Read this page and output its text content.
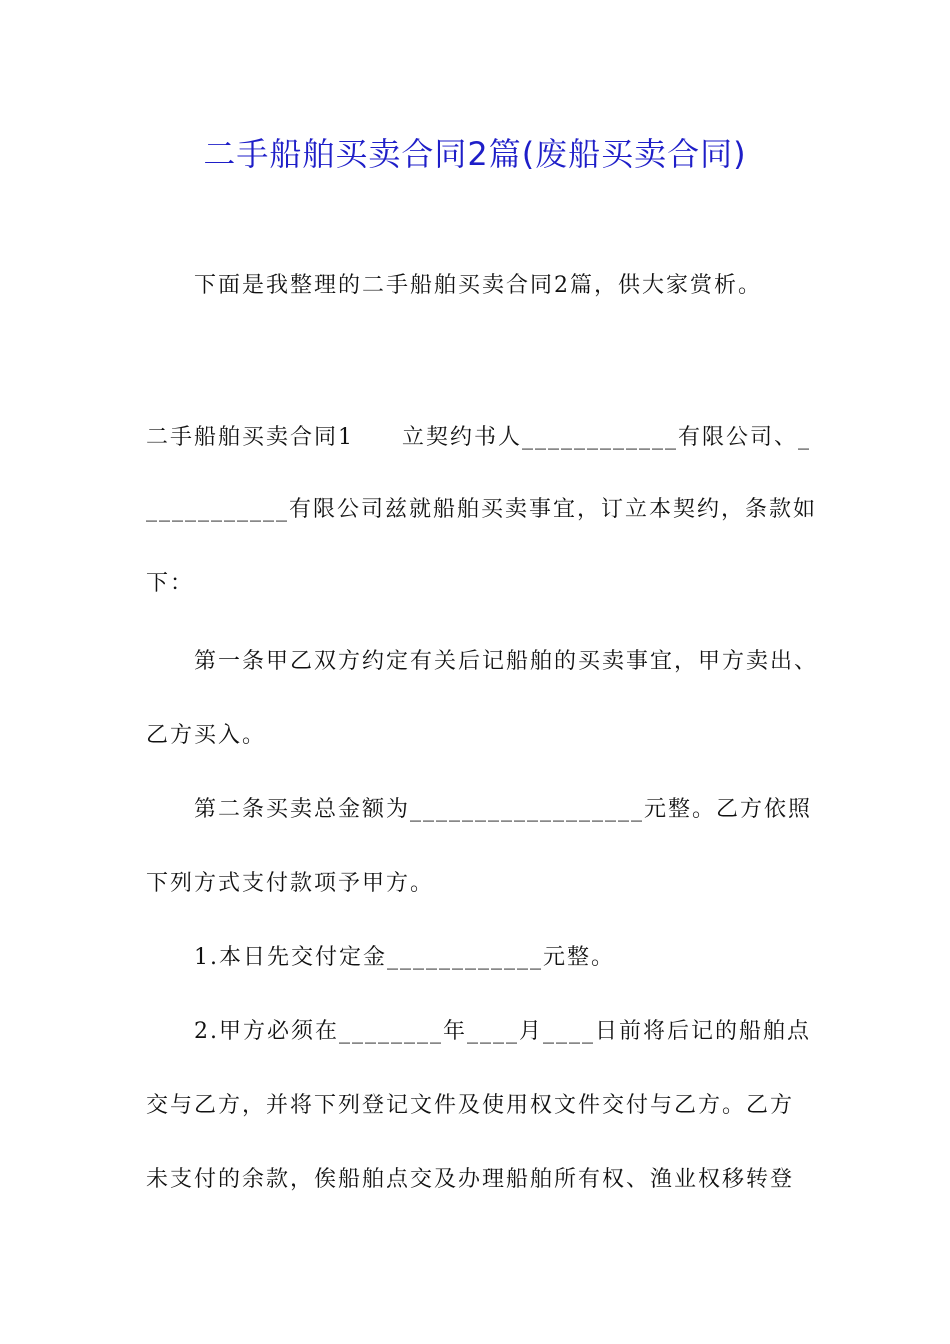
二手船舶买卖合同2篇(废船买卖合同)

下面是我整理的二手船舶买卖合同2篇，供大家赏析。

二手船舶买卖合同1　　立契约书人____________有限公司、_

___________有限公司兹就船舶买卖事宜，订立本契约，条款如

下：

第一条甲乙双方约定有关后记船舶的买卖事宜，甲方卖出、

乙方买入。

第二条买卖总金额为__________________元整。乙方依照

下列方式支付款项予甲方。

1.本日先交付定金____________元整。

2.甲方必须在________年____月____日前将后记的船舶点

交与乙方，并将下列登记文件及使用权文件交付与乙方。乙方

未支付的余款，俟船舶点交及办理船舶所有权、渔业权移转登
